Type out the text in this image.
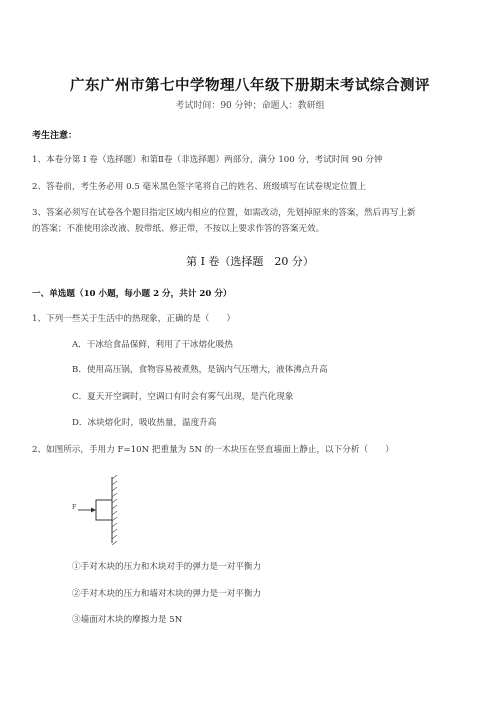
广东广州市第七中学物理八年级下册期末考试综合测评
考试时间：90 分钟；命题人：教研组
考生注意：
1、本卷分第 I 卷（选择题）和第Ⅱ卷（非选择题）两部分，满分 100 分，考试时间 90 分钟
2、答卷前，考生务必用 0.5 毫米黑色签字笔将自己的姓名、班级填写在试卷规定位置上
3、答案必须写在试卷各个题目指定区域内相应的位置，如需改动，先划掉原来的答案，然后再写上新
的答案；不准使用涂改液、胶带纸、修正带，不按以上要求作答的答案无效。
第 I 卷（选择题　20 分）
一、单选题（10 小题，每小题 2 分，共计 20 分）
1、下列一些关于生活中的热现象，正确的是（　　）
A．干冰给食品保鲜，利用了干冰熔化吸热
B．使用高压锅，食物容易被煮熟，是锅内气压增大，液体沸点升高
C．夏天开空调时，空调口有时会有雾气出现，是汽化现象
D．冰块熔化时，吸收热量，温度升高
2、如图所示，手用力 F=10N 把重量为 5N 的一木块压在竖直墙面上静止，以下分析（　　）
F
①手对木块的压力和木块对手的弹力是一对平衡力
②手对木块的压力和墙对木块的弹力是一对平衡力
③墙面对木块的摩擦力是 5N
